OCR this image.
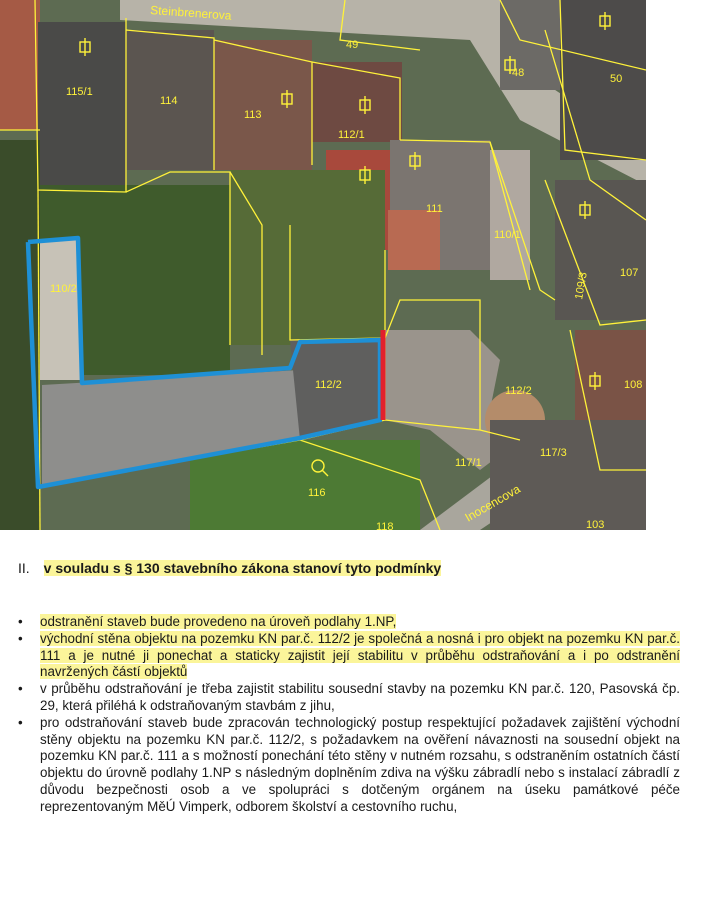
Steinbrenerova
Inocencova
115/1
114
113
112/1
111
110/2
112/2
116
117/1
117/3
112/2
110/1
107
109/3
48	50
49
118
108
103
II. v souladu s § 130 stavebního zákona stanoví tyto podmínky
• odstranění staveb bude provedeno na úroveň podlahy 1.NP,
• východní stěna objektu na pozemku KN par.č. 112/2 je společná a nosná i pro objekt na pozemku KN par.č. 111 a je nutné ji ponechat a staticky zajistit její stabilitu v průběhu odstraňování a i po odstranění navržených částí objektů
• v průběhu odstraňování je třeba zajistit stabilitu sousední stavby na pozemku KN par.č. 120, Pasovská čp. 29, která přiléhá k odstraňovaným stavbám z jihu,
• pro odstraňování staveb bude zpracován technologický postup respektující požadavek zajištění východní stěny objektu na pozemku KN par.č. 112/2, s požadavkem na ověření návaznosti na sousední objekt na pozemku KN par.č. 111 a s možností ponechání této stěny v nutném rozsahu, s odstraněním ostatních částí objektu do úrovně podlahy 1.NP s následným doplněním zdiva na výšku zábradlí nebo s instalací zábradlí z důvodu bezpečnosti osob a ve spolupráci s dotčeným orgánem na úseku památkové péče reprezentovaným MěÚ Vimperk, odborem školství a cestovního ruchu,
